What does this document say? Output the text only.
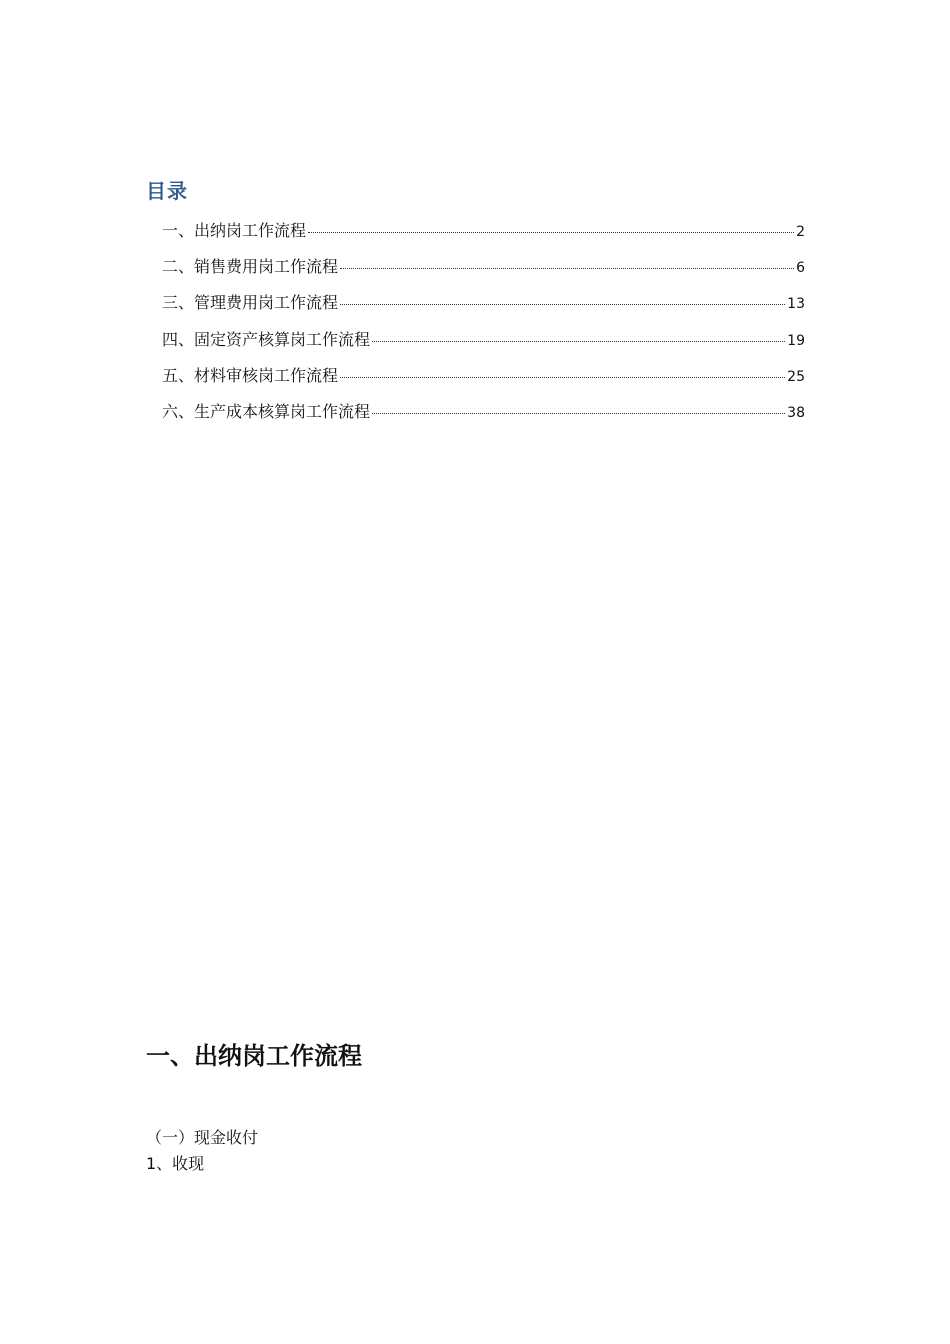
目录
一、出纳岗工作流程	2
二、销售费用岗工作流程	6
三、管理费用岗工作流程	13
四、固定资产核算岗工作流程	19
五、材料审核岗工作流程	25
六、生产成本核算岗工作流程	38
一、出纳岗工作流程
（一）现金收付
1、收现
